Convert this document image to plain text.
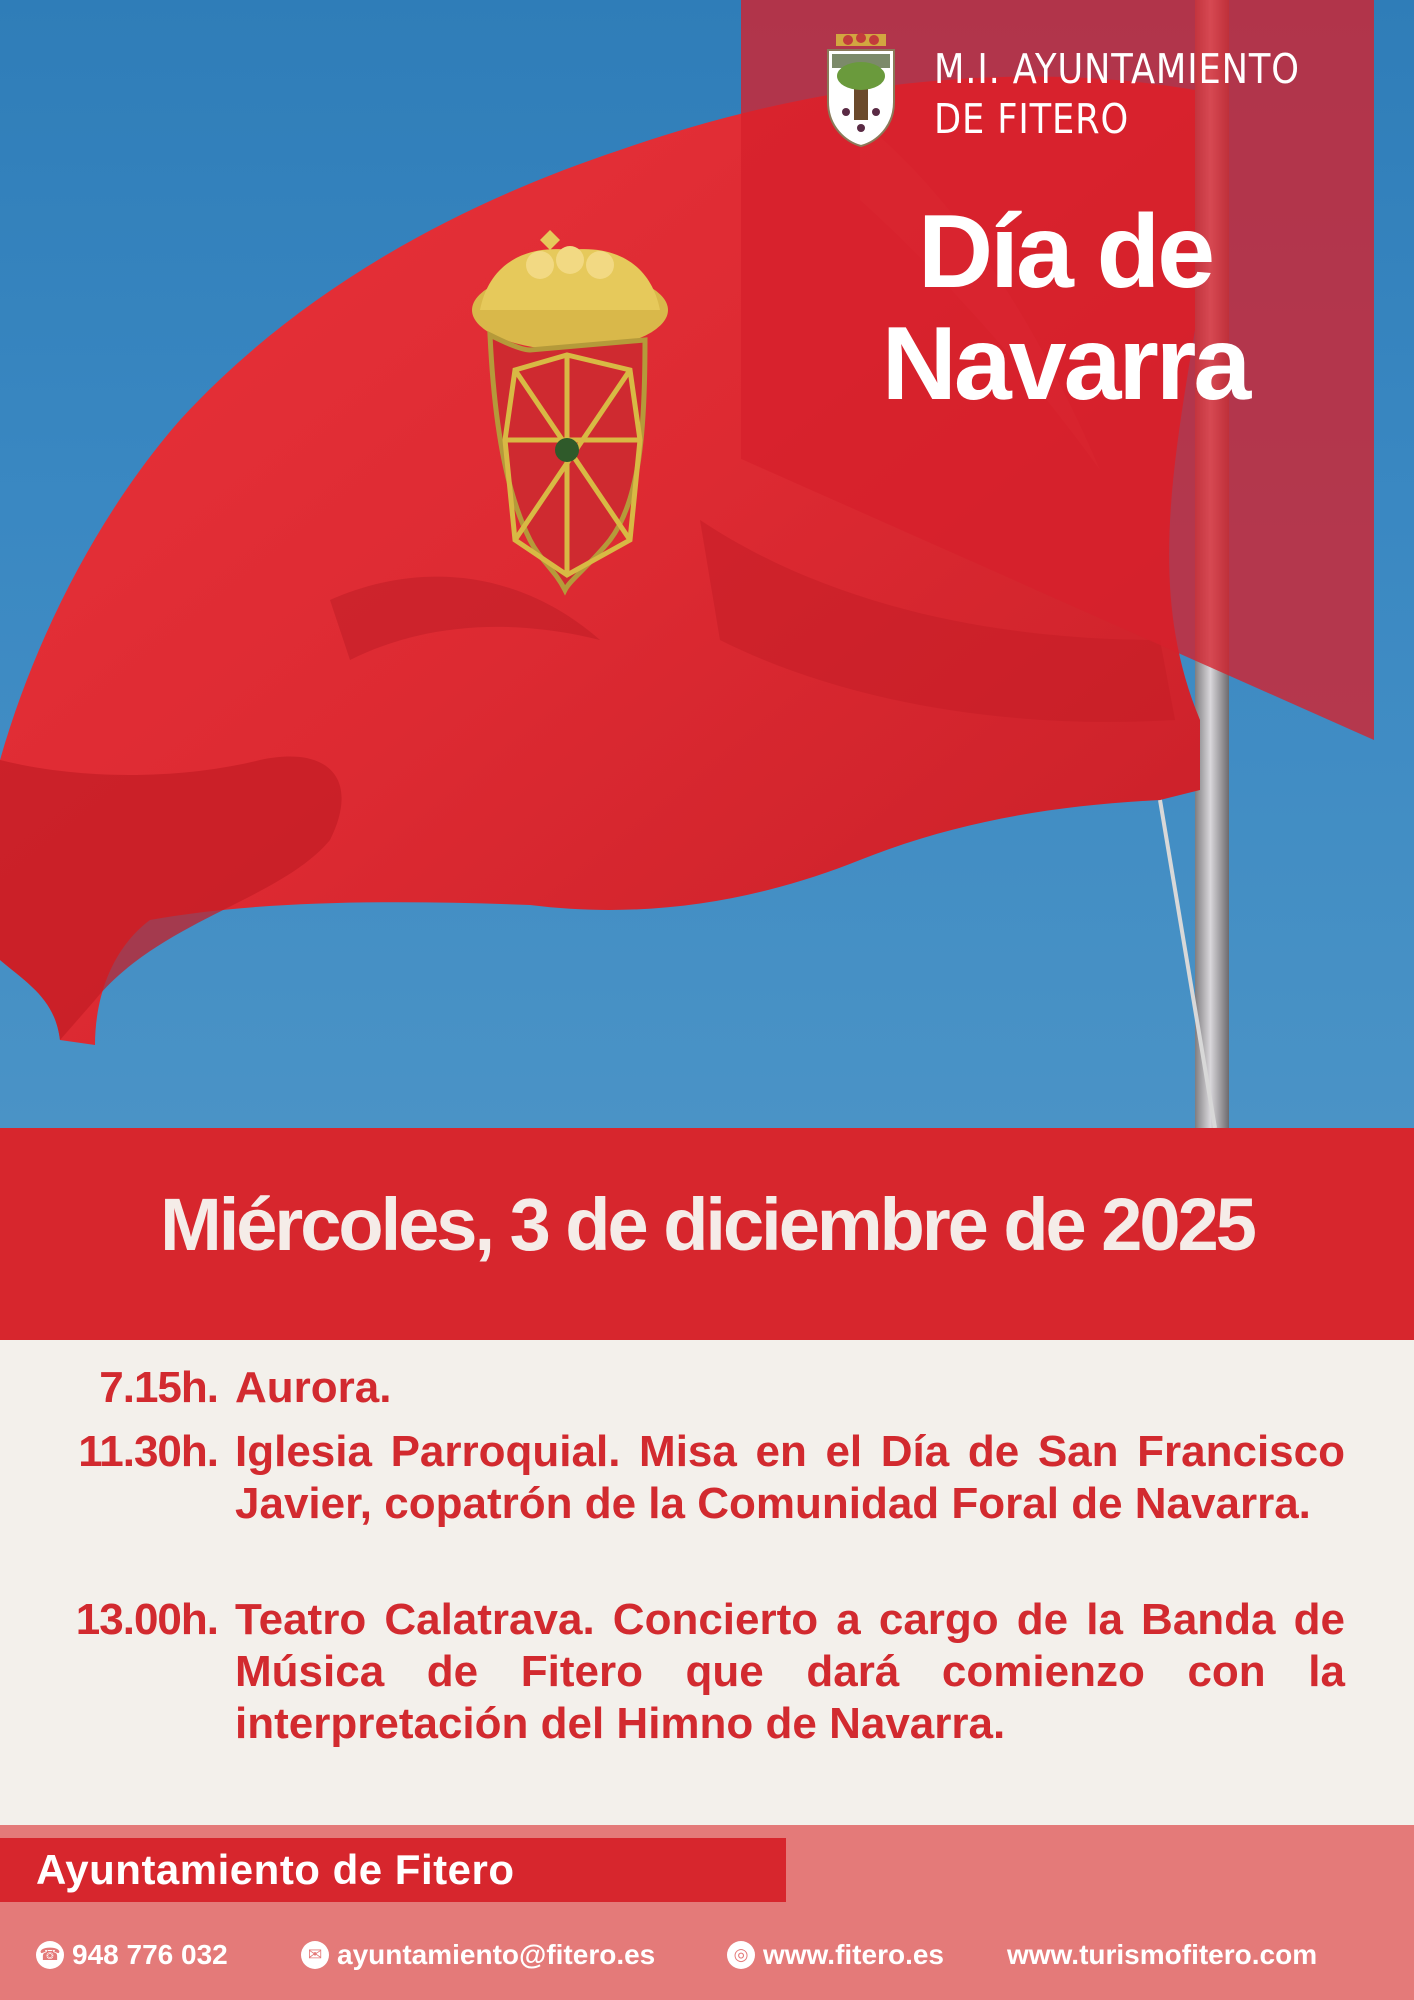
M.I. AYUNTAMIENTO
DE FITERO
Día de
Navarra
Miércoles, 3 de diciembre de 2025
7.15h. Aurora.
11.30h. Iglesia Parroquial. Misa en el Día de San Francisco Javier, copatrón de la Comunidad Foral de Navarra.
13.00h. Teatro Calatrava. Concierto a cargo de la Banda de Música de Fitero que dará comienzo con la interpretación del Himno de Navarra.
Ayuntamiento de Fitero
☎ 948 776 032	✉ ayuntamiento@fitero.es	◎ www.fitero.es www.turismofitero.com
